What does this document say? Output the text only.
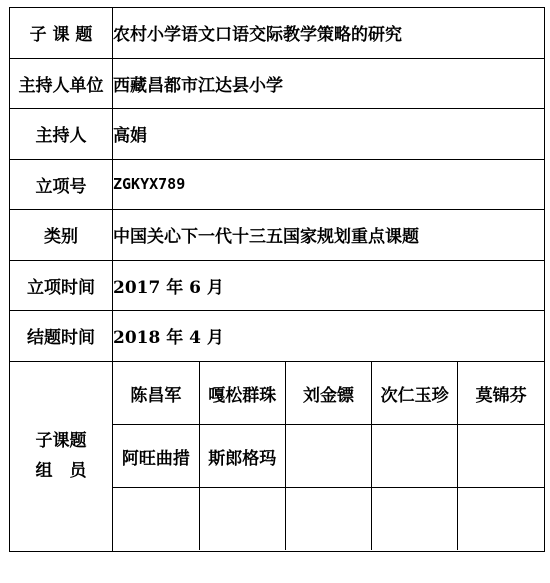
子 课 题	农村小学语文口语交际教学策略的研究
主持人单位	西藏昌都市江达县小学
主持人	高娟
立项号	ZGKYX789
类别	中国关心下一代十三五国家规划重点课题
立项时间	2017 年 6 月
结题时间	2018 年 4 月
子课题
组　员	
陈昌军	嘎松群珠	刘金镖	次仁玉珍	莫锦芬
阿旺曲措	斯郎格玛			
